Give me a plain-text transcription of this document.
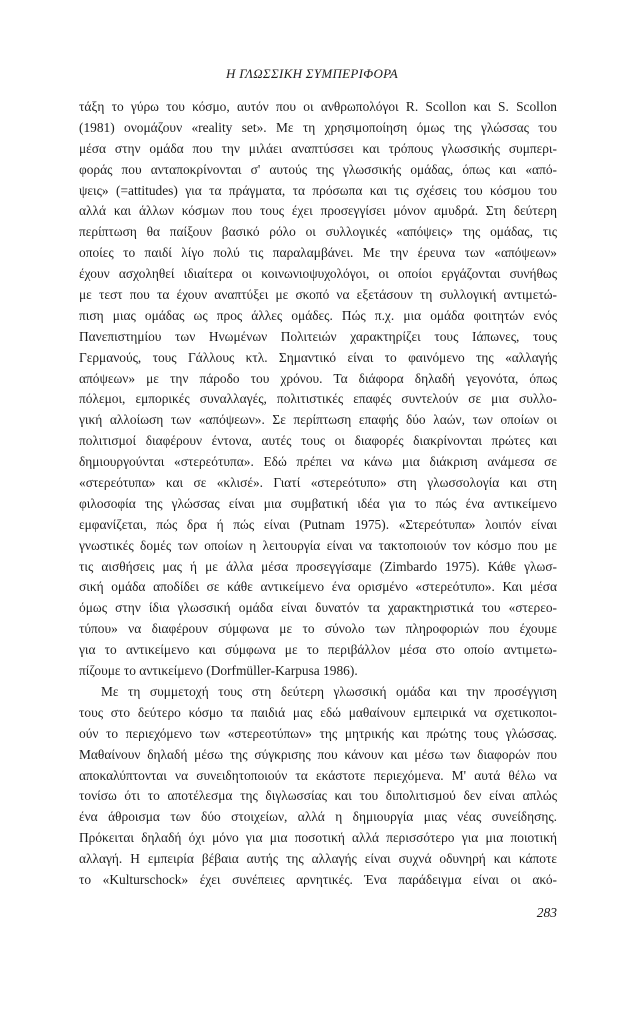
Η ΓΛΩΣΣΙΚΗ ΣΥΜΠΕΡΙΦΟΡΑ
τάξη το γύρω του κόσμο, αυτόν που οι ανθρωπολόγοι R. Scollon και S. Scollon
(1981) ονομάζουν «reality set». Με τη χρησιμοποίηση όμως της γλώσσας του
μέσα στην ομάδα που την μιλάει αναπτύσσει και τρόπους γλωσσικής συμπερι-
φοράς που ανταποκρίνονται σ' αυτούς της γλωσσικής ομάδας, όπως και «από-
ψεις» (=attitudes) για τα πράγματα, τα πρόσωπα και τις σχέσεις του κόσμου του
αλλά και άλλων κόσμων που τους έχει προσεγγίσει μόνον αμυδρά. Στη δεύτερη
περίπτωση θα παίξουν βασικό ρόλο οι συλλογικές «απόψεις» της ομάδας, τις
οποίες το παιδί λίγο πολύ τις παραλαμβάνει. Με την έρευνα των «απόψεων»
έχουν ασχοληθεί ιδιαίτερα οι κοινωνιοψυχολόγοι, οι οποίοι εργάζονται συνήθως
με τεστ που τα έχουν αναπτύξει με σκοπό να εξετάσουν τη συλλογική αντιμετώ-
πιση μιας ομάδας ως προς άλλες ομάδες. Πώς π.χ. μια ομάδα φοιτητών ενός
Πανεπιστημίου των Ηνωμένων Πολιτειών χαρακτηρίζει τους Ιάπωνες, τους
Γερμανούς, τους Γάλλους κτλ. Σημαντικό είναι το φαινόμενο της «αλλαγής
απόψεων» με την πάροδο του χρόνου. Τα διάφορα δηλαδή γεγονότα, όπως
πόλεμοι, εμπορικές συναλλαγές, πολιτιστικές επαφές συντελούν σε μια συλλο-
γική αλλοίωση των «απόψεων». Σε περίπτωση επαφής δύο λαών, των οποίων οι
πολιτισμοί διαφέρουν έντονα, αυτές τους οι διαφορές διακρίνονται πρώτες και
δημιουργούνται «στερεότυπα». Εδώ πρέπει να κάνω μια διάκριση ανάμεσα σε
«στερεότυπα» και σε «κλισέ». Γιατί «στερεότυπο» στη γλωσσολογία και στη
φιλοσοφία της γλώσσας είναι μια συμβατική ιδέα για το πώς ένα αντικείμενο
εμφανίζεται, πώς δρα ή πώς είναι (Putnam 1975). «Στερεότυπα» λοιπόν είναι
γνωστικές δομές των οποίων η λειτουργία είναι να τακτοποιούν τον κόσμο που με
τις αισθήσεις μας ή με άλλα μέσα προσεγγίσαμε (Zimbardo 1975). Κάθε γλωσ-
σική ομάδα αποδίδει σε κάθε αντικείμενο ένα ορισμένο «στερεότυπο». Και μέσα
όμως στην ίδια γλωσσική ομάδα είναι δυνατόν τα χαρακτηριστικά του «στερεο-
τύπου» να διαφέρουν σύμφωνα με το σύνολο των πληροφοριών που έχουμε
για το αντικείμενο και σύμφωνα με το περιβάλλον μέσα στο οποίο αντιμετω-
πίζουμε το αντικείμενο (Dorfmüller-Karpusa 1986).
Με τη συμμετοχή τους στη δεύτερη γλωσσική ομάδα και την προσέγγιση
τους στο δεύτερο κόσμο τα παιδιά μας εδώ μαθαίνουν εμπειρικά να σχετικοποι-
ούν το περιεχόμενο των «στερεοτύπων» της μητρικής και πρώτης τους γλώσσας.
Μαθαίνουν δηλαδή μέσω της σύγκρισης που κάνουν και μέσω των διαφορών που
αποκαλύπτονται να συνειδητοποιούν τα εκάστοτε περιεχόμενα. Μ' αυτά θέλω να
τονίσω ότι το αποτέλεσμα της διγλωσσίας και του διπολιτισμού δεν είναι απλώς
ένα άθροισμα των δύο στοιχείων, αλλά η δημιουργία μιας νέας συνείδησης.
Πρόκειται δηλαδή όχι μόνο για μια ποσοτική αλλά περισσότερο για μια ποιοτική
αλλαγή. Η εμπειρία βέβαια αυτής της αλλαγής είναι συχνά οδυνηρή και κάποτε
το «Kulturschock» έχει συνέπειες αρνητικές. Ένα παράδειγμα είναι οι ακό-
283
